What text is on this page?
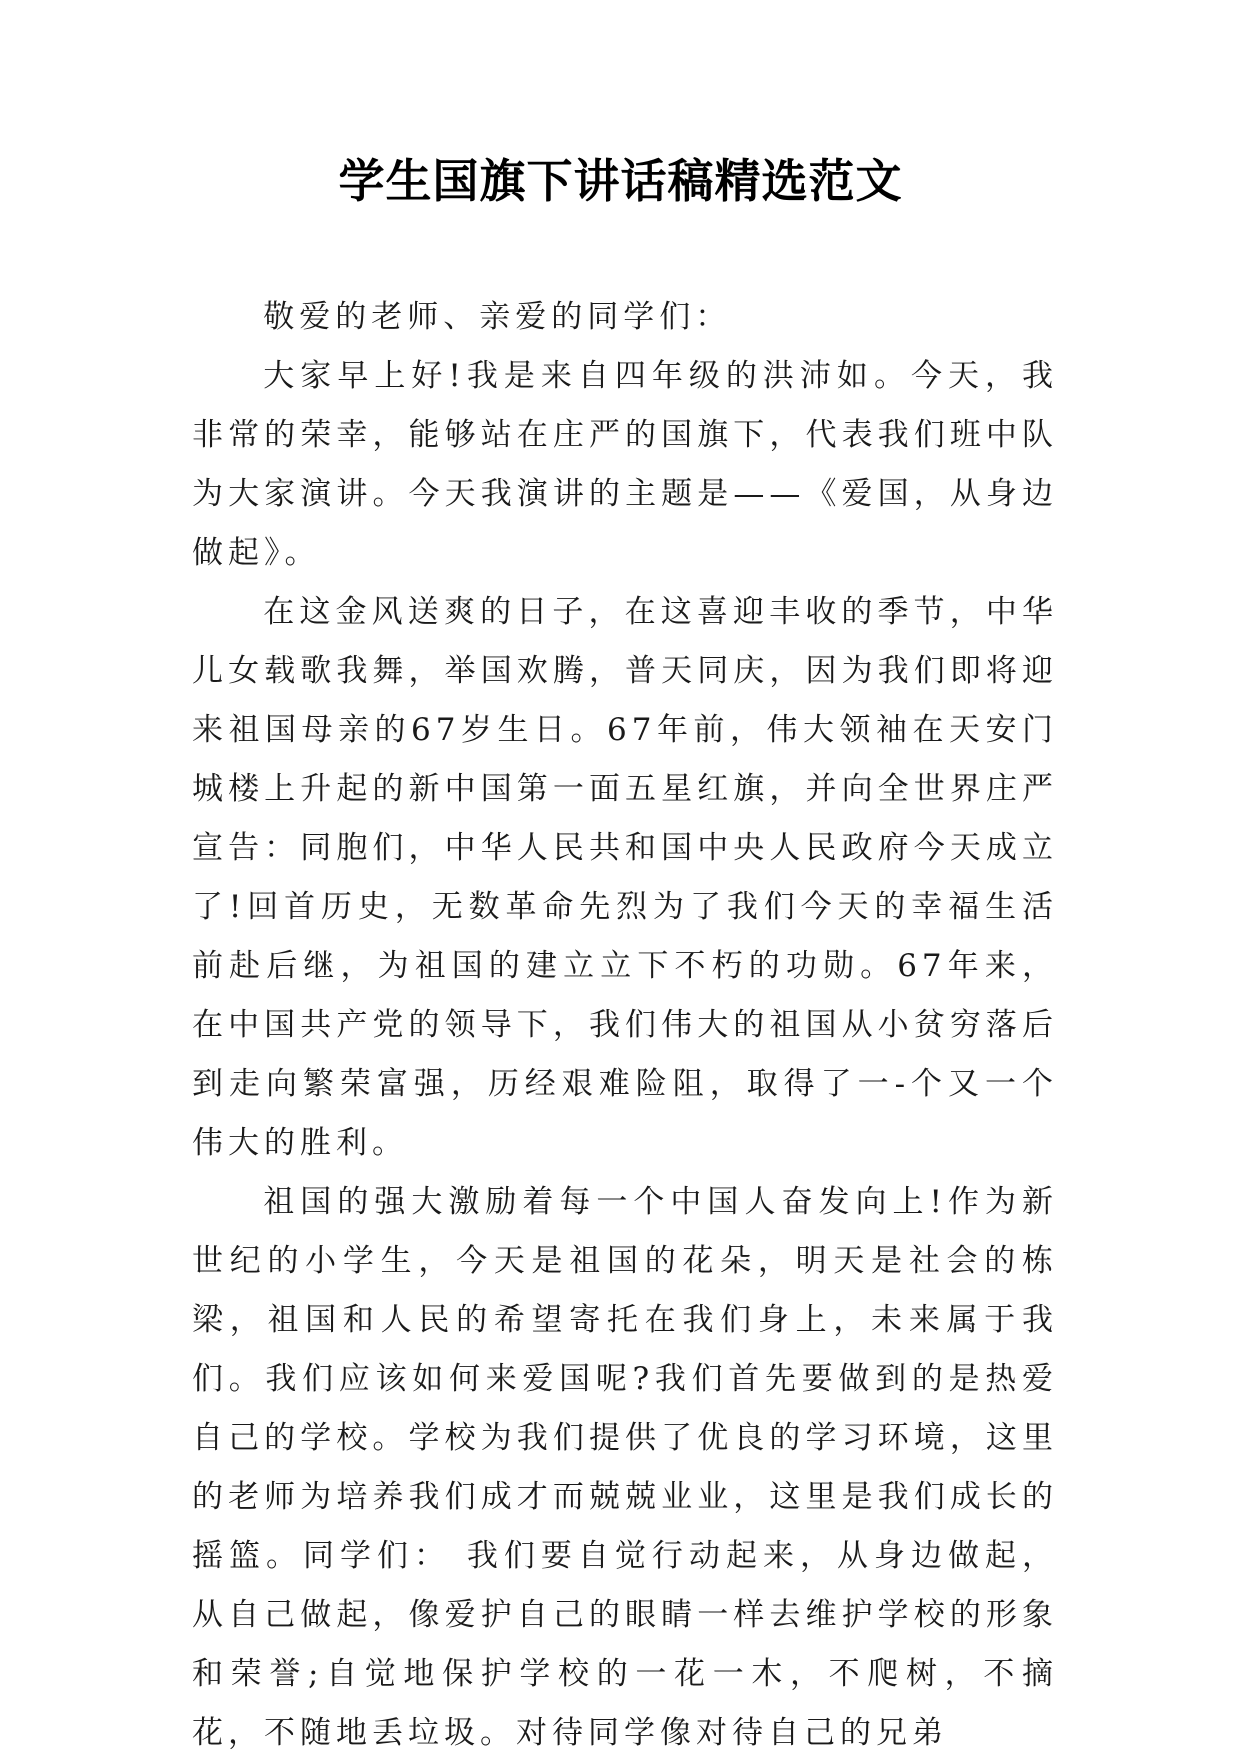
学生国旗下讲话稿精选范文

敬爱的老师、亲爱的同学们：

大家早上好!我是来自四年级的洪沛如。今天，我非常的荣幸，能够站在庄严的国旗下，代表我们班中队为大家演讲。今天我演讲的主题是——《爱国，从身边做起》。

在这金风送爽的日子，在这喜迎丰收的季节，中华儿女载歌我舞，举国欢腾，普天同庆，因为我们即将迎来祖国母亲的67岁生日。67年前，伟大领袖在天安门城楼上升起的新中国第一面五星红旗，并向全世界庄严宣告：同胞们，中华人民共和国中央人民政府今天成立了!回首历史，无数革命先烈为了我们今天的幸福生活前赴后继，为祖国的建立立下不朽的功勋。67年来，在中国共产党的领导下，我们伟大的祖国从小贫穷落后到走向繁荣富强，历经艰难险阻，取得了一-个又一个伟大的胜利。

祖国的强大激励着每一个中国人奋发向上!作为新世纪的小学生，今天是祖国的花朵，明天是社会的栋梁，祖国和人民的希望寄托在我们身上，未来属于我们。我们应该如何来爱国呢?我们首先要做到的是热爱自己的学校。学校为我们提供了优良的学习环境，这里的老师为培养我们成才而兢兢业业，这里是我们成长的摇篮。同学们： 我们要自觉行动起来，从身边做起，从自己做起，像爱护自己的眼睛一样去维护学校的形象和荣誉;自觉地保护学校的一花一木，不爬树，不摘花，不随地丢垃圾。对待同学像对待自己的兄弟
